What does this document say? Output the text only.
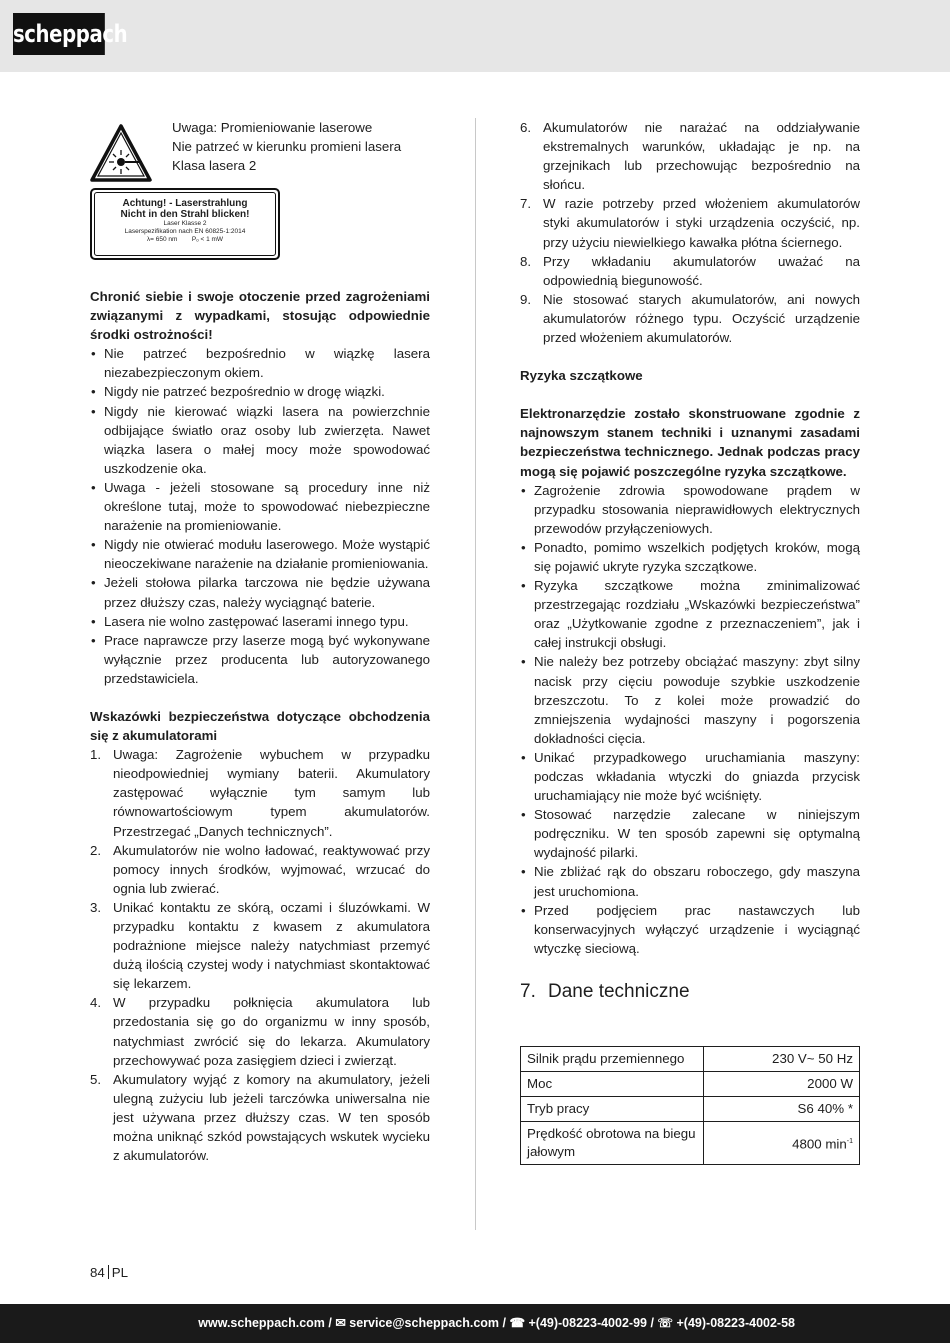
scheppach

Uwaga: Promieniowanie laserowe

Nie patrzeć w kierunku promieni lasera

Klasa lasera 2

Achtung! - Laserstrahlung
Nicht in den Strahl blicken!
Laser Klasse 2
Laserspezifikation nach EN 60825-1:2014
λ= 650 nm        Pₒ < 1 mW

Chronić siebie i swoje otoczenie przed zagrożeniami związanymi z wypadkami, stosując odpowiednie środki ostrożności!

• Nie patrzeć bezpośrednio w wiązkę lasera niezabezpieczonym okiem.
• Nigdy nie patrzeć bezpośrednio w drogę wiązki.
• Nigdy nie kierować wiązki lasera na powierzchnie odbijające światło oraz osoby lub zwierzęta. Nawet wiązka lasera o małej mocy może spowodować uszkodzenie oka.
• Uwaga - jeżeli stosowane są procedury inne niż określone tutaj, może to spowodować niebezpieczne narażenie na promieniowanie.
• Nigdy nie otwierać modułu laserowego. Może wystąpić nieoczekiwane narażenie na działanie promieniowania.
• Jeżeli stołowa pilarka tarczowa nie będzie używana przez dłuższy czas, należy wyciągnąć baterie.
• Lasera nie wolno zastępować laserami innego typu.
• Prace naprawcze przy laserze mogą być wykonywane wyłącznie przez producenta lub autoryzowanego przedstawiciela.

Wskazówki bezpieczeństwa dotyczące obchodzenia się z akumulatorami

1. Uwaga: Zagrożenie wybuchem w przypadku nieodpowiedniej wymiany baterii. Akumulatory zastępować wyłącznie tym samym lub równowartościowym typem akumulatorów. Przestrzegać „Danych technicznych”.
2. Akumulatorów nie wolno ładować, reaktywować przy pomocy innych środków, wyjmować, wrzucać do ognia lub zwierać.
3. Unikać kontaktu ze skórą, oczami i śluzówkami. W przypadku kontaktu z kwasem z akumulatora podrażnione miejsce należy natychmiast przemyć dużą ilością czystej wody i natychmiast skontaktować się lekarzem.
4. W przypadku połknięcia akumulatora lub przedostania się go do organizmu w inny sposób, natychmiast zwrócić się do lekarza. Akumulatory przechowywać poza zasięgiem dzieci i zwierząt.
5. Akumulatory wyjąć z komory na akumulatory, jeżeli ulegną zużyciu lub jeżeli tarczówka uniwersalna nie jest używana przez dłuższy czas. W ten sposób można uniknąć szkód powstających wskutek wycieku z akumulatorów.
6. Akumulatorów nie narażać na oddziaływanie ekstremalnych warunków, układając je np. na grzejnikach lub przechowując bezpośrednio na słońcu.
7. W razie potrzeby przed włożeniem akumulatorów styki akumulatorów i styki urządzenia oczyścić, np. przy użyciu niewielkiego kawałka płótna ściernego.
8. Przy wkładaniu akumulatorów uważać na odpowiednią biegunowość.
9. Nie stosować starych akumulatorów, ani nowych akumulatorów różnego typu. Oczyścić urządzenie przed włożeniem akumulatorów.

Ryzyka szczątkowe

Elektronarzędzie zostało skonstruowane zgodnie z najnowszym stanem techniki i uznanymi zasadami bezpieczeństwa technicznego. Jednak podczas pracy mogą się pojawić poszczególne ryzyka szczątkowe.

• Zagrożenie zdrowia spowodowane prądem w przypadku stosowania nieprawidłowych elektrycznych przewodów przyłączeniowych.
• Ponadto, pomimo wszelkich podjętych kroków, mogą się pojawić ukryte ryzyka szczątkowe.
• Ryzyka szczątkowe można zminimalizować przestrzegając rozdziału „Wskazówki bezpieczeństwa” oraz „Użytkowanie zgodne z przeznaczeniem”, jak i całej instrukcji obsługi.
• Nie należy bez potrzeby obciążać maszyny: zbyt silny nacisk przy cięciu powoduje szybkie uszkodzenie brzeszczotu. To z kolei może prowadzić do zmniejszenia wydajności maszyny i pogorszenia dokładności cięcia.
• Unikać przypadkowego uruchamiania maszyny: podczas wkładania wtyczki do gniazda przycisk uruchamiający nie może być wciśnięty.
• Stosować narzędzie zalecane w niniejszym podręczniku. W ten sposób zapewni się optymalną wydajność pilarki.
• Nie zbliżać rąk do obszaru roboczego, gdy maszyna jest uruchomiona.
• Przed podjęciem prac nastawczych lub konserwacyjnych wyłączyć urządzenie i wyciągnąć wtyczkę sieciową.
7. Dane techniczne
Silnik prądu przemiennego	230 V~ 50 Hz
Moc	2000 W
Tryb pracy	S6 40% *
Prędkość obrotowa na biegu jałowym	4800 $\min^{-1}$
84 PL
www.scheppach.com / ✉ service@scheppach.com / ☎ +(49)-08223-4002-99 / ☏ +(49)-08223-4002-58
